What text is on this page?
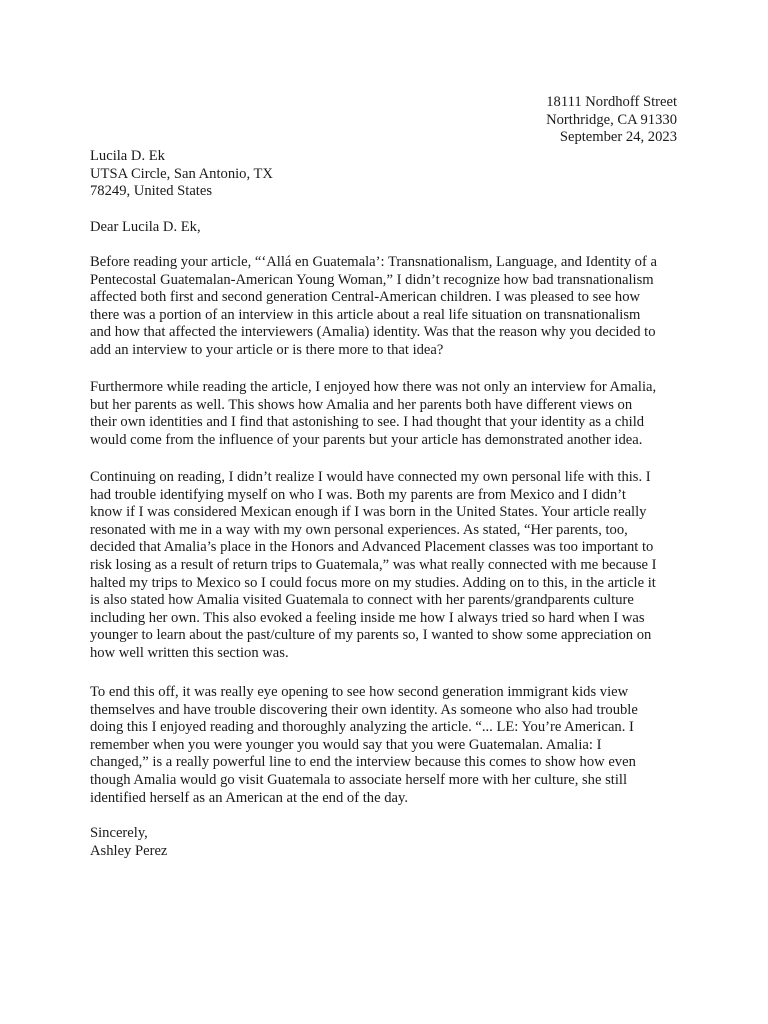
18111 Nordhoff Street
Northridge, CA 91330
September 24, 2023
Lucila D. Ek
UTSA Circle, San Antonio, TX
78249, United States
Dear Lucila D. Ek,

Before reading your article, “‘Allá en Guatemala’: Transnationalism, Language, and Identity of a
Pentecostal Guatemalan-American Young Woman,” I didn’t recognize how bad transnationalism
affected both first and second generation Central-American children. I was pleased to see how
there was a portion of an interview in this article about a real life situation on transnationalism
and how that affected the interviewers (Amalia) identity. Was that the reason why you decided to
add an interview to your article or is there more to that idea?

Furthermore while reading the article, I enjoyed how there was not only an interview for Amalia,
but her parents as well. This shows how Amalia and her parents both have different views on
their own identities and I find that astonishing to see. I had thought that your identity as a child
would come from the influence of your parents but your article has demonstrated another idea.

Continuing on reading, I didn’t realize I would have connected my own personal life with this. I
had trouble identifying myself on who I was. Both my parents are from Mexico and I didn’t
know if I was considered Mexican enough if I was born in the United States. Your article really
resonated with me in a way with my own personal experiences. As stated, “Her parents, too,
decided that Amalia’s place in the Honors and Advanced Placement classes was too important to
risk losing as a result of return trips to Guatemala,” was what really connected with me because I
halted my trips to Mexico so I could focus more on my studies. Adding on to this, in the article it
is also stated how Amalia visited Guatemala to connect with her parents/grandparents culture
including her own. This also evoked a feeling inside me how I always tried so hard when I was
younger to learn about the past/culture of my parents so, I wanted to show some appreciation on
how well written this section was.

To end this off, it was really eye opening to see how second generation immigrant kids view
themselves and have trouble discovering their own identity. As someone who also had trouble
doing this I enjoyed reading and thoroughly analyzing the article. “... LE: You’re American. I
remember when you were younger you would say that you were Guatemalan. Amalia: I
changed,” is a really powerful line to end the interview because this comes to show how even
though Amalia would go visit Guatemala to associate herself more with her culture, she still
identified herself as an American at the end of the day.

Sincerely,
Ashley Perez
